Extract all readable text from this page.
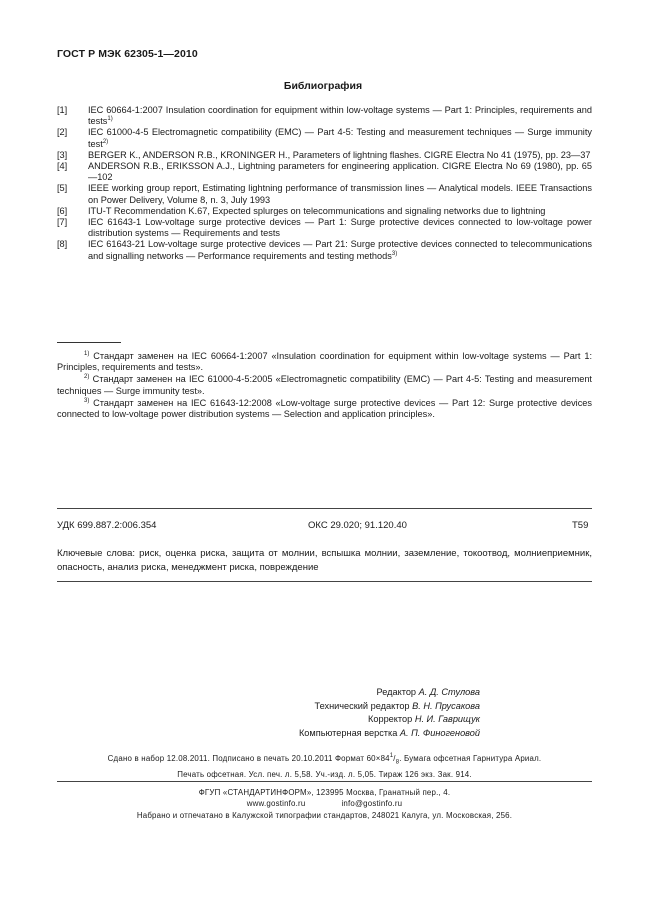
ГОСТ Р МЭК 62305-1—2010
Библиография
[1]	IEC 60664-1:2007 Insulation coordination for equipment within low-voltage systems — Part 1: Principles, requirements and tests$^{1)}$
[2]	IEC 61000-4-5 Electromagnetic compatibility (EMC) — Part 4-5: Testing and measurement techniques — Surge immunity test$^{2)}$
[3]	BERGER K., ANDERSON R.B., KRONINGER H., Parameters of lightning flashes. CIGRE Electra No 41 (1975), pp. 23—37
[4]	ANDERSON R.B., ERIKSSON A.J., Lightning parameters for engineering application. CIGRE Electra No 69 (1980), pp. 65—102
[5]	IEEE working group report, Estimating lightning performance of transmission lines — Analytical models. IEEE Transactions on Power Delivery, Volume 8, n. 3, July 1993
[6]	ITU-T Recommendation K.67, Expected splurges on telecommunications and signaling networks due to lightning
[7]	IEC 61643-1 Low-voltage surge protective devices — Part 1: Surge protective devices connected to low-voltage power distribution systems — Requirements and tests
[8]	IEC 61643-21 Low-voltage surge protective devices — Part 21: Surge protective devices connected to telecommunications and signalling networks — Performance requirements and testing methods$^{3)}$
$^{1)}$ Стандарт заменен на IEC 60664-1:2007 «Insulation coordination for equipment within low-voltage systems — Part 1: Principles, requirements and tests».
$^{2)}$ Стандарт заменен на IEC 61000-4-5:2005 «Electromagnetic compatibility (EMC) — Part 4-5: Testing and measurement techniques — Surge immunity test».
$^{3)}$ Стандарт заменен на IEC 61643-12:2008 «Low-voltage surge protective devices — Part 12: Surge protective devices connected to low-voltage power distribution systems — Selection and application principles».
УДК 699.887.2:006.354	ОКС 29.020; 91.120.40	Т59
Ключевые слова: риск, оценка риска, защита от молнии, вспышка молнии, заземление, токоотвод, молниеприемник, опасность, анализ риска, менеджмент риска, повреждение
Редактор А. Д. Стулова
Технический редактор В. Н. Прусакова
Корректор Н. И. Гаврищук
Компьютерная верстка А. П. Финогеновой
Сдано в набор 12.08.2011. Подписано в печать 20.10.2011 Формат $60\times 84^1/_8$. Бумага офсетная Гарнитура Ариал.
Печать офсетная. Усл. печ. л. 5,58. Уч.-изд. л. 5,05. Тираж 126 экз. Зак. 914.
ФГУП «СТАНДАРТИНФОРМ», 123995 Москва, Гранатный пер., 4.
www.gostinfo.ru	info@gostinfo.ru
Набрано и отпечатано в Калужской типографии стандартов, 248021 Калуга, ул. Московская, 256.
